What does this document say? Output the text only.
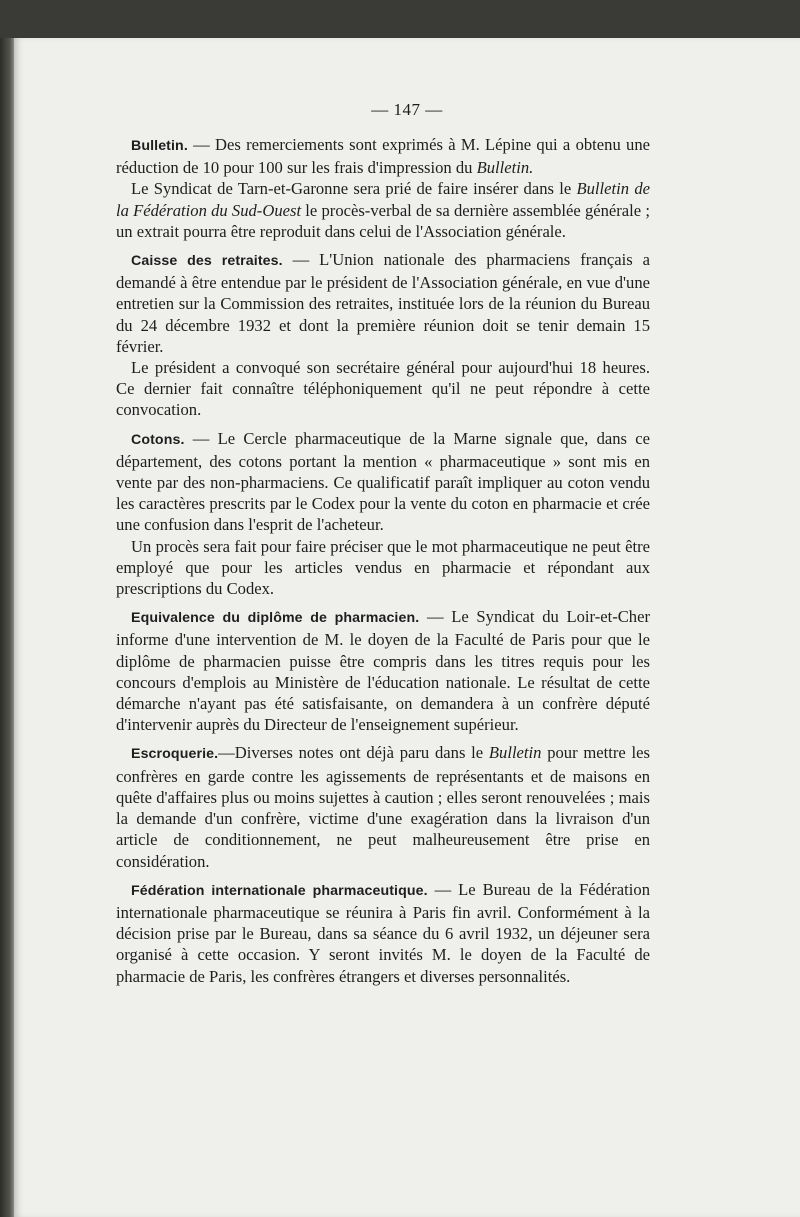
— 147 —

Bulletin. — Des remerciements sont exprimés à M. Lépine qui a obtenu une réduction de 10 pour 100 sur les frais d'impression du Bulletin.

Le Syndicat de Tarn-et-Garonne sera prié de faire insérer dans le Bulletin de la Fédération du Sud-Ouest le procès-verbal de sa dernière assemblée générale ; un extrait pourra être reproduit dans celui de l'Association générale.

Caisse des retraites. — L'Union nationale des pharmaciens français a demandé à être entendue par le président de l'Association générale, en vue d'une entretien sur la Commission des retraites, instituée lors de la réunion du Bureau du 24 décembre 1932 et dont la première réunion doit se tenir demain 15 février.

Le président a convoqué son secrétaire général pour aujourd'hui 18 heures. Ce dernier fait connaître téléphoniquement qu'il ne peut répondre à cette convocation.

Cotons. — Le Cercle pharmaceutique de la Marne signale que, dans ce département, des cotons portant la mention « pharmaceutique » sont mis en vente par des non-pharmaciens. Ce qualificatif paraît impliquer au coton vendu les caractères prescrits par le Codex pour la vente du coton en pharmacie et crée une confusion dans l'esprit de l'acheteur.

Un procès sera fait pour faire préciser que le mot pharmaceutique ne peut être employé que pour les articles vendus en pharmacie et répondant aux prescriptions du Codex.

Equivalence du diplôme de pharmacien. — Le Syndicat du Loir-et-Cher informe d'une intervention de M. le doyen de la Faculté de Paris pour que le diplôme de pharmacien puisse être compris dans les titres requis pour les concours d'emplois au Ministère de l'éducation nationale. Le résultat de cette démarche n'ayant pas été satisfaisante, on demandera à un confrère député d'intervenir auprès du Directeur de l'enseignement supérieur.

Escroquerie.—Diverses notes ont déjà paru dans le Bulletin pour mettre les confrères en garde contre les agissements de représentants et de maisons en quête d'affaires plus ou moins sujettes à caution ; elles seront renouvelées ; mais la demande d'un confrère, victime d'une exagération dans la livraison d'un article de conditionnement, ne peut malheureusement être prise en considération.

Fédération internationale pharmaceutique. — Le Bureau de la Fédération internationale pharmaceutique se réunira à Paris fin avril. Conformément à la décision prise par le Bureau, dans sa séance du 6 avril 1932, un déjeuner sera organisé à cette occasion. Y seront invités M. le doyen de la Faculté de pharmacie de Paris, les confrères étrangers et diverses personnalités.
